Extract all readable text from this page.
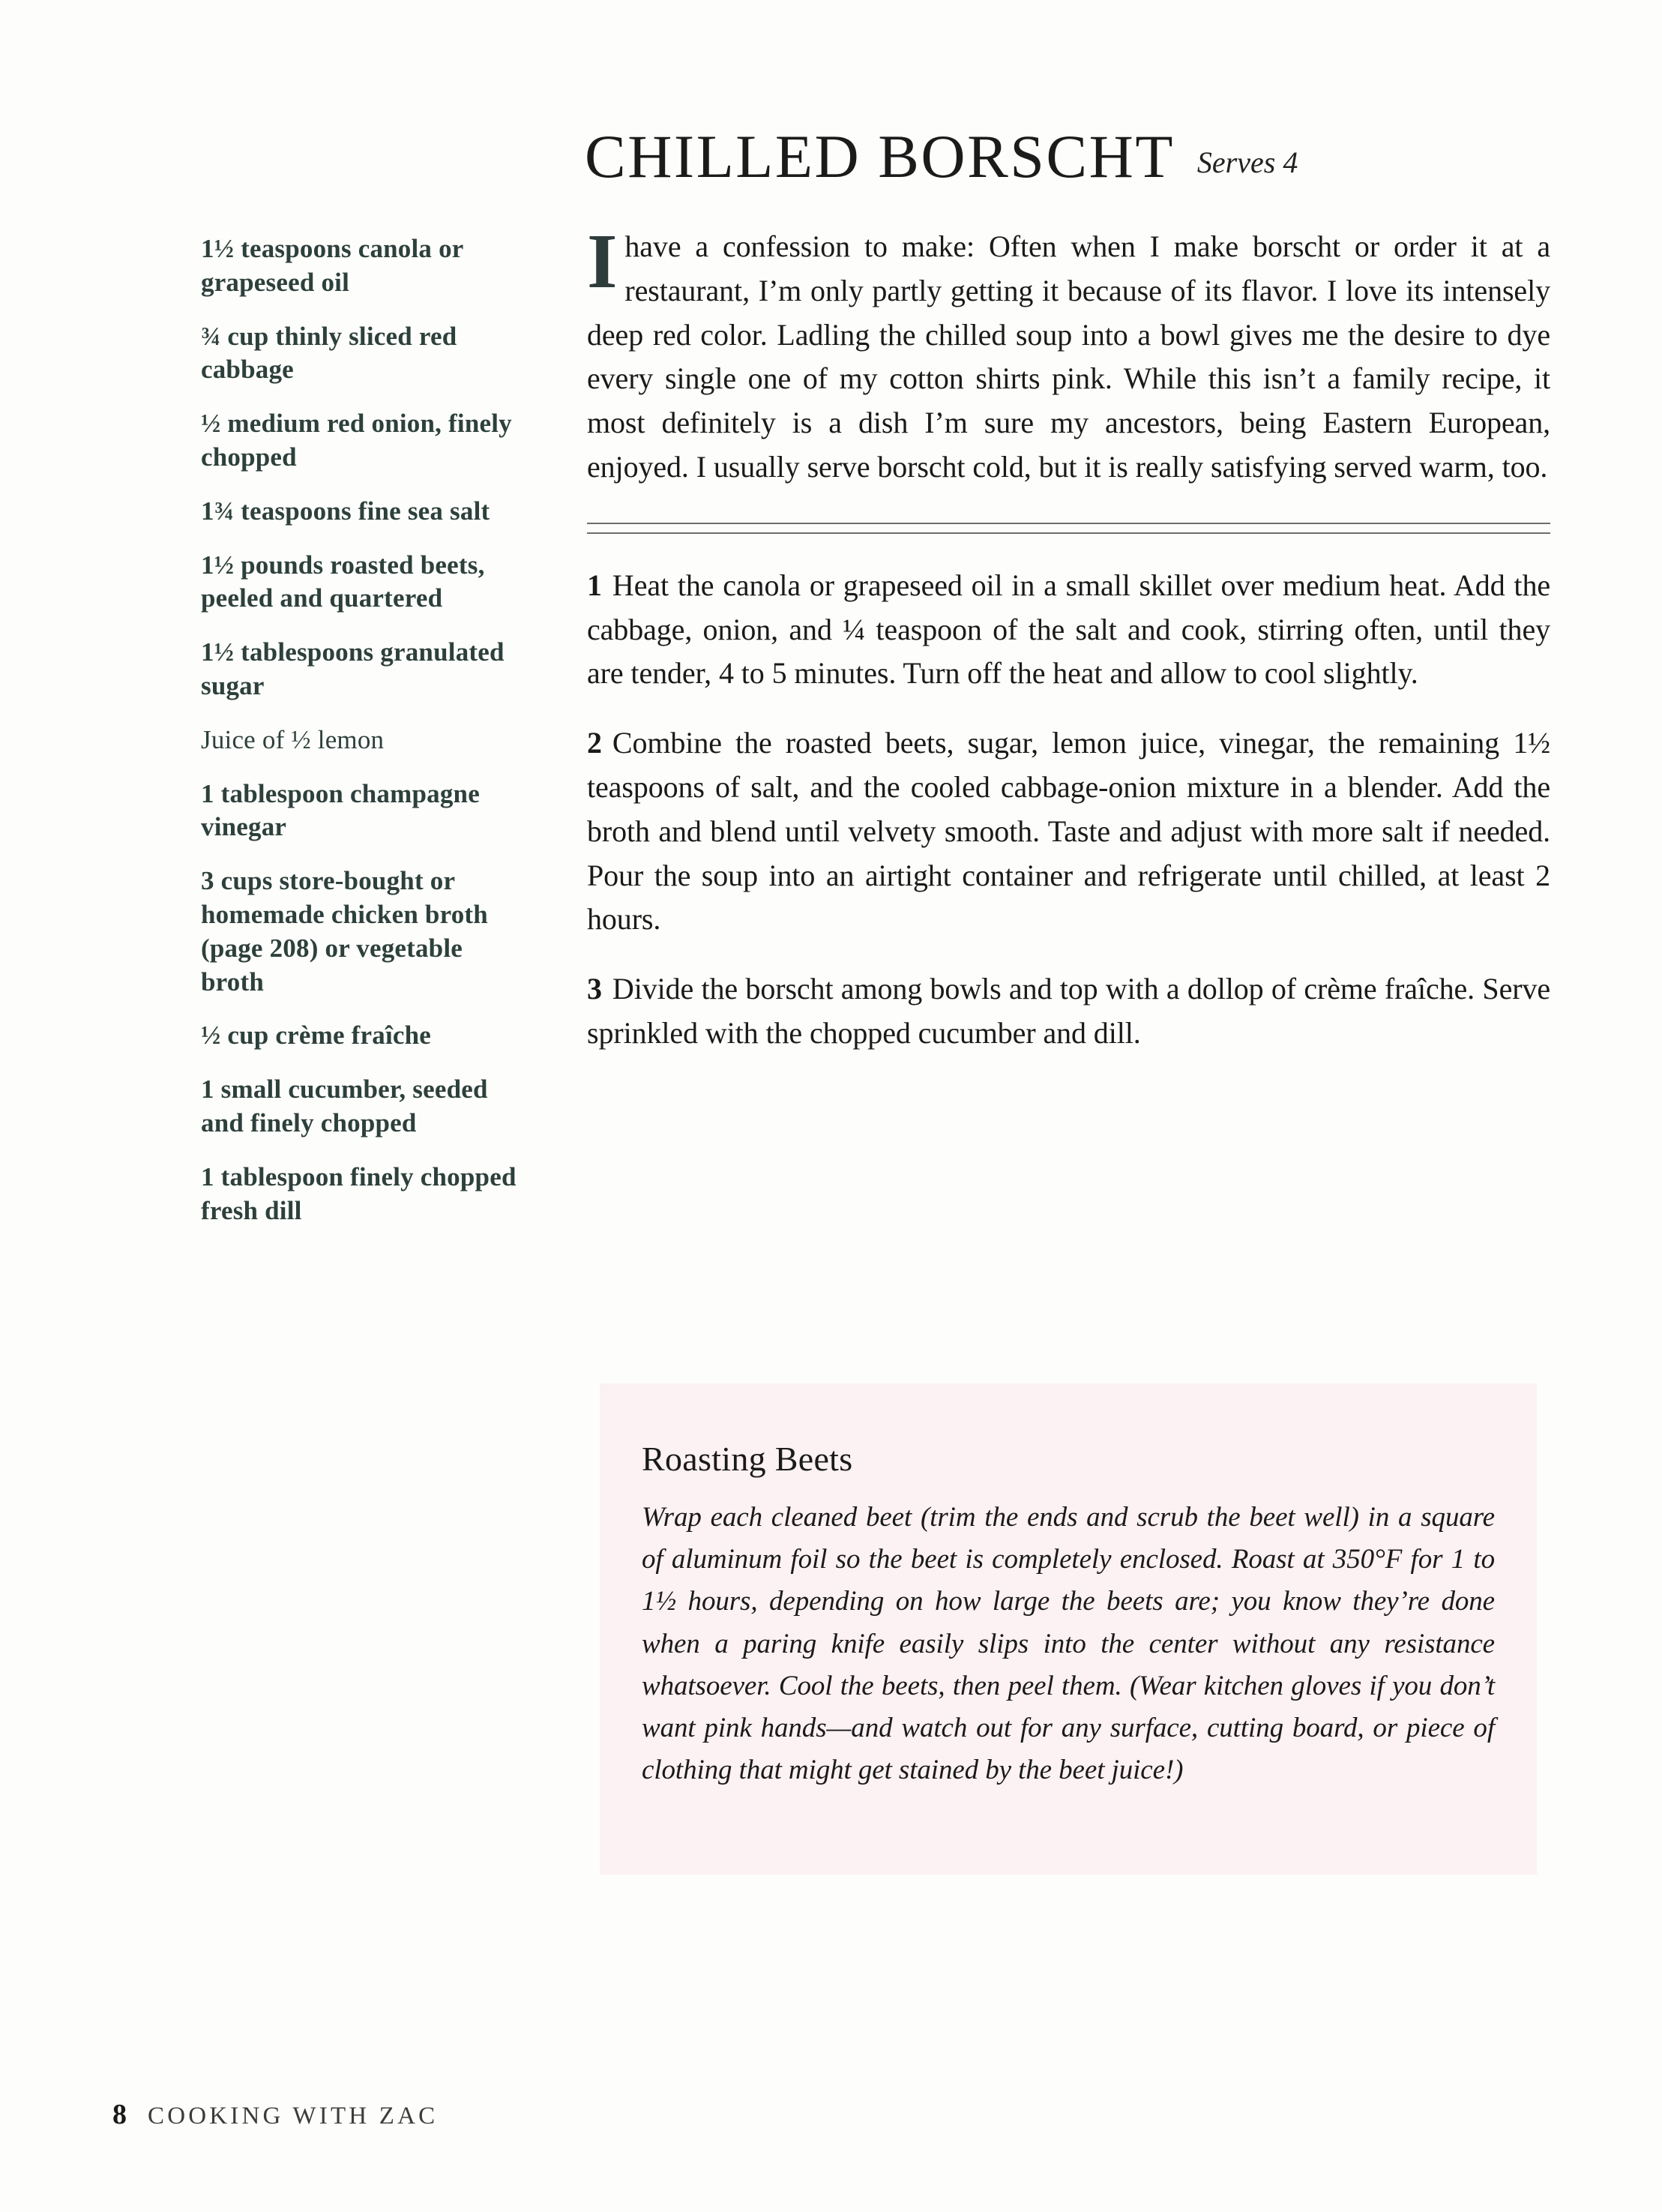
CHILLED BORSCHT Serves 4
1½ teaspoons canola or grapeseed oil
¾ cup thinly sliced red cabbage
½ medium red onion, finely chopped
1¾ teaspoons fine sea salt
1½ pounds roasted beets, peeled and quartered
1½ tablespoons granulated sugar
Juice of ½ lemon
1 tablespoon champagne vinegar
3 cups store-bought or homemade chicken broth (page 208) or vegetable broth
½ cup crème fraîche
1 small cucumber, seeded and finely chopped
1 tablespoon finely chopped fresh dill

Ihave a confession to make: Often when I make borscht or order it at a restaurant, I’m only partly getting it because of its flavor. I love its intensely deep red color. Ladling the chilled soup into a bowl gives me the desire to dye every single one of my cotton shirts pink. While this isn’t a family recipe, it most definitely is a dish I’m sure my ancestors, being Eastern European, enjoyed. I usually serve borscht cold, but it is really satisfying served warm, too.

1 Heat the canola or grapeseed oil in a small skillet over medium heat. Add the cabbage, onion, and ¼ teaspoon of the salt and cook, stirring often, until they are tender, 4 to 5 minutes. Turn off the heat and allow to cool slightly.

2 Combine the roasted beets, sugar, lemon juice, vinegar, the remaining 1½ teaspoons of salt, and the cooled cabbage-onion mixture in a blender. Add the broth and blend until velvety smooth. Taste and adjust with more salt if needed. Pour the soup into an airtight container and refrigerate until chilled, at least 2 hours.

3 Divide the borscht among bowls and top with a dollop of crème fraîche. Serve sprinkled with the chopped cucumber and dill.

Roasting Beets

Wrap each cleaned beet (trim the ends and scrub the beet well) in a square of aluminum foil so the beet is completely enclosed. Roast at 350°F for 1 to 1½ hours, depending on how large the beets are; you know they’re done when a paring knife easily slips into the center without any resistance whatsoever. Cool the beets, then peel them. (Wear kitchen gloves if you don’t want pink hands—and watch out for any surface, cutting board, or piece of clothing that might get stained by the beet juice!)

8 COOKING WITH ZAC
